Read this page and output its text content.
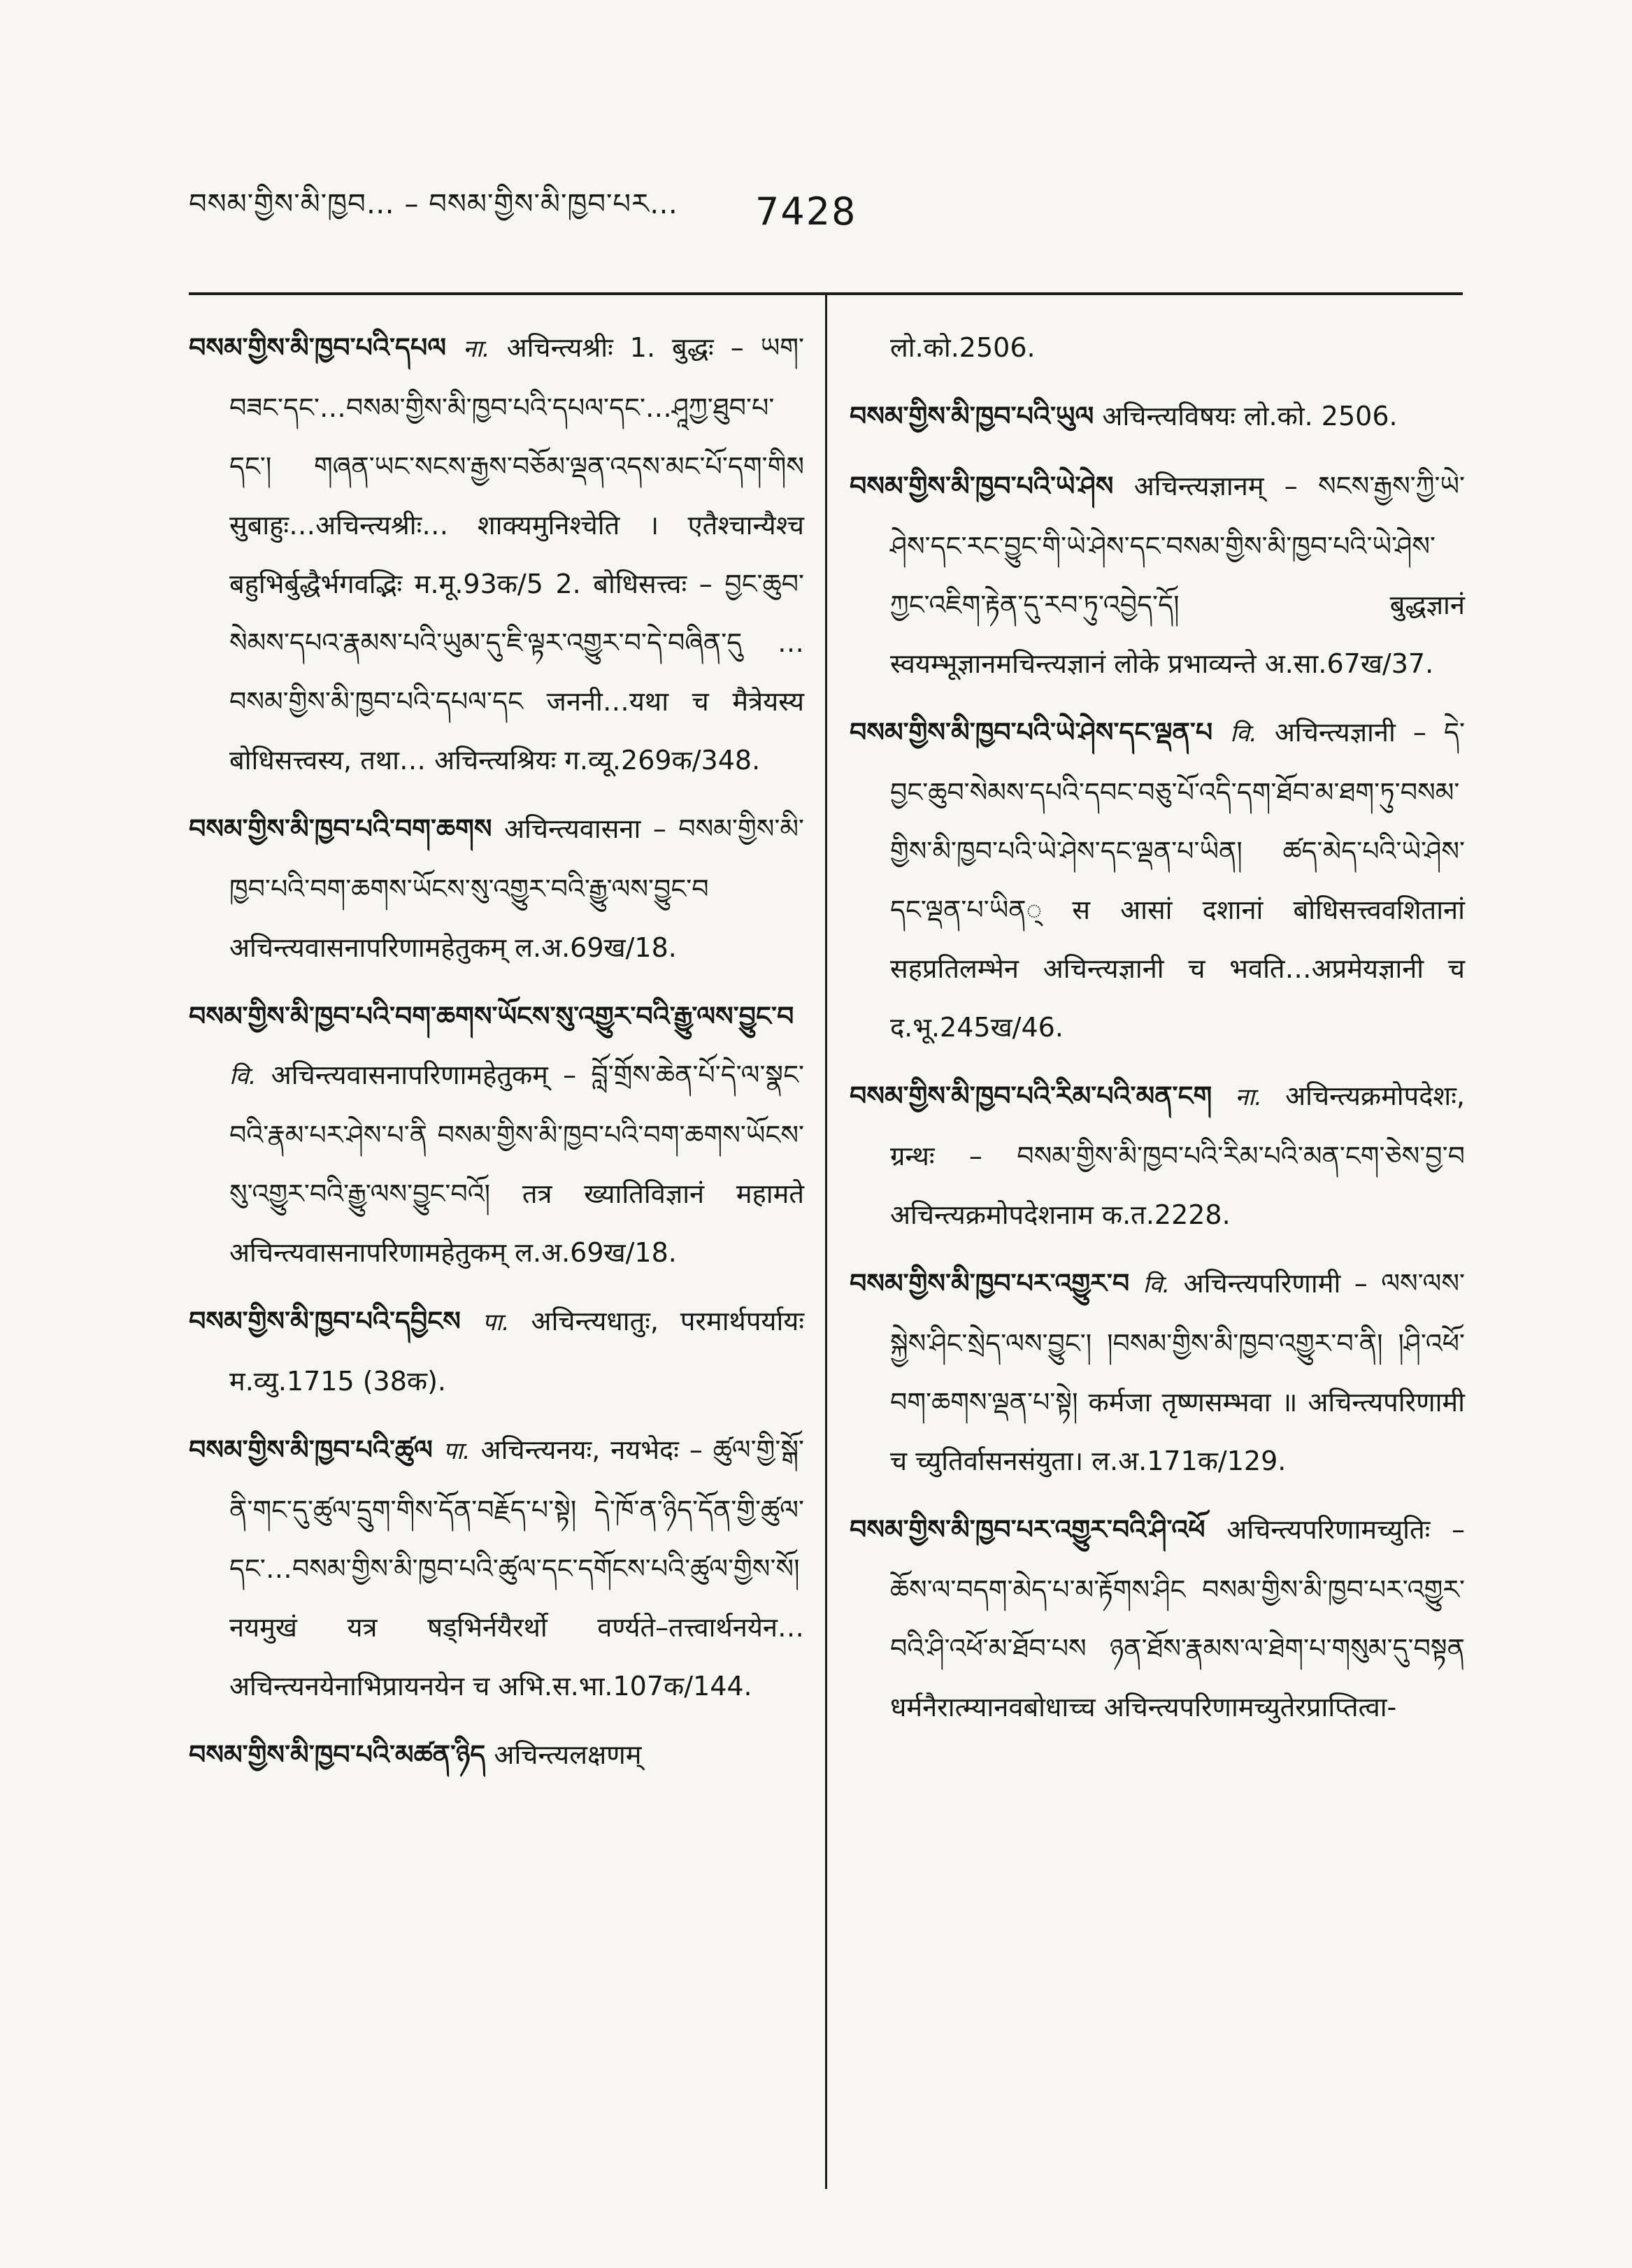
བསམ་གྱིས་མི་ཁྱབ… – བསམ་གྱིས་མི་ཁྱབ་པར… 7428

བསམ་གྱིས་མི་ཁྱབ་པའི་དཔལ ना. अचिन्त्यश्रीः 1. बुद्धः – ཡག་བཟང་དང་…བསམ་གྱིས་མི་ཁྱབ་པའི་དཔལ་དང་…ཤཱཀྱ་ཐུབ་པ་དང་། གཞན་ཡང་སངས་རྒྱས་བཅོམ་ལྡན་འདས་མང་པོ་དག་གིས सुबाहुः…अचिन्त्यश्रीः… शाक्यमुनिश्चेति । एतैश्चान्यैश्च बहुभिर्बुद्धैर्भगवद्भिः म.मू.93क/5 2. बोधिसत्त्वः – བྱང་ཆུབ་སེམས་དཔའ་རྣམས་པའི་ཡུམ་དུ་ཇི་ལྟར་འགྱུར་བ་དེ་བཞིན་དུ …བསམ་གྱིས་མི་ཁྱབ་པའི་དཔལ་དང जननी…यथा च मैत्रेयस्य बोधिसत्त्वस्य, तथा… अचिन्त्यश्रियः ग.व्यू.269क/348.

བསམ་གྱིས་མི་ཁྱབ་པའི་བག་ཆགས अचिन्त्यवासना – བསམ་གྱིས་མི་ཁྱབ་པའི་བག་ཆགས་ཡོངས་སུ་འགྱུར་བའི་རྒྱུ་ལས་བྱུང་བ अचिन्त्यवासनापरिणामहेतुकम् ल.अ.69ख/18.

བསམ་གྱིས་མི་ཁྱབ་པའི་བག་ཆགས་ཡོངས་སུ་འགྱུར་བའི་རྒྱུ་ལས་བྱུང་བ वि. अचिन्त्यवासनापरिणामहेतुकम् – བློ་གྲོས་ཆེན་པོ་དེ་ལ་སྣང་བའི་རྣམ་པར་ཤེས་པ་ནི བསམ་གྱིས་མི་ཁྱབ་པའི་བག་ཆགས་ཡོངས་སུ་འགྱུར་བའི་རྒྱུ་ལས་བྱུང་བའོ། तत्र ख्यातिविज्ञानं महामते अचिन्त्यवासनापरिणामहेतुकम् ल.अ.69ख/18.

བསམ་གྱིས་མི་ཁྱབ་པའི་དབྱིངས पा. अचिन्त्यधातुः, परमार्थपर्यायः म.व्यु.1715 (38क).

བསམ་གྱིས་མི་ཁྱབ་པའི་ཚུལ पा. अचिन्त्यनयः, नयभेदः – ཚུལ་གྱི་སྒོ་ནི་གང་དུ་ཚུལ་དྲུག་གིས་དོན་བརྗོད་པ་སྟེ། དེ་ཁོ་ན་ཉིད་དོན་གྱི་ཚུལ་དང་…བསམ་གྱིས་མི་ཁྱབ་པའི་ཚུལ་དང་དགོངས་པའི་ཚུལ་གྱིས་སོ། नयमुखं यत्र षड्भिर्नयैरर्थो वर्ण्यते–तत्त्वार्थनयेन…अचिन्त्यनयेनाभिप्रायनयेन च अभि.स.भा.107क/144.

བསམ་གྱིས་མི་ཁྱབ་པའི་མཚན་ཉིད अचिन्त्यलक्षणम्

लो.को.2506.

བསམ་གྱིས་མི་ཁྱབ་པའི་ཡུལ अचिन्त्यविषयः लो.को. 2506.

བསམ་གྱིས་མི་ཁྱབ་པའི་ཡེ་ཤེས अचिन्त्यज्ञानम् – སངས་རྒྱས་ཀྱི་ཡེ་ཤེས་དང་རང་བྱུང་གི་ཡེ་ཤེས་དང་བསམ་གྱིས་མི་ཁྱབ་པའི་ཡེ་ཤེས་ཀྱང་འཇིག་རྟེན་དུ་རབ་ཏུ་འབྱེད་དོ། बुद्धज्ञानं स्वयम्भूज्ञानमचिन्त्यज्ञानं लोके प्रभाव्यन्ते अ.सा.67ख/37.

བསམ་གྱིས་མི་ཁྱབ་པའི་ཡེ་ཤེས་དང་ལྡན་པ वि. अचिन्त्यज्ञानी – དེ་བྱང་ཆུབ་སེམས་དཔའི་དབང་བཅུ་པོ་འདི་དག་ཐོབ་མ་ཐག་ཏུ་བསམ་གྱིས་མི་ཁྱབ་པའི་ཡེ་ཤེས་དང་ལྡན་པ་ཡིན། ཚད་མེད་པའི་ཡེ་ཤེས་དང་ལྡན་པ་ཡིན् स आसां दशानां बोधिसत्त्ववशितानां सहप्रतिलम्भेन अचिन्त्यज्ञानी च भवति…अप्रमेयज्ञानी च द.भू.245ख/46.

བསམ་གྱིས་མི་ཁྱབ་པའི་རིམ་པའི་མན་ངག ना. अचिन्त्यक्रमोपदेशः, ग्रन्थः – བསམ་གྱིས་མི་ཁྱབ་པའི་རིམ་པའི་མན་ངག་ཅེས་བྱ་བ अचिन्त्यक्रमोपदेशनाम क.त.2228.

བསམ་གྱིས་མི་ཁྱབ་པར་འགྱུར་བ वि. अचिन्त्यपरिणामी – ལས་ལས་སྐྱེས་ཤིང་སྲེད་ལས་བྱུང་། །བསམ་གྱིས་མི་ཁྱབ་འགྱུར་བ་ནི། །ཤི་འཕོ་བག་ཆགས་ལྡན་པ་སྟེ། कर्मजा तृष्णसम्भवा ॥ अचिन्त्यपरिणामी च च्युतिर्वासनसंयुता। ल.अ.171क/129.

བསམ་གྱིས་མི་ཁྱབ་པར་འགྱུར་བའི་ཤི་འཕོ अचिन्त्यपरिणामच्युतिः – ཆོས་ལ་བདག་མེད་པ་མ་རྟོགས་ཤིང བསམ་གྱིས་མི་ཁྱབ་པར་འགྱུར་བའི་ཤི་འཕོ་མ་ཐོབ་པས ཉན་ཐོས་རྣམས་ལ་ཐེག་པ་གསུམ་དུ་བསྟན धर्मनैरात्म्यानवबोधाच्च अचिन्त्यपरिणामच्युतेरप्राप्तित्वा-
